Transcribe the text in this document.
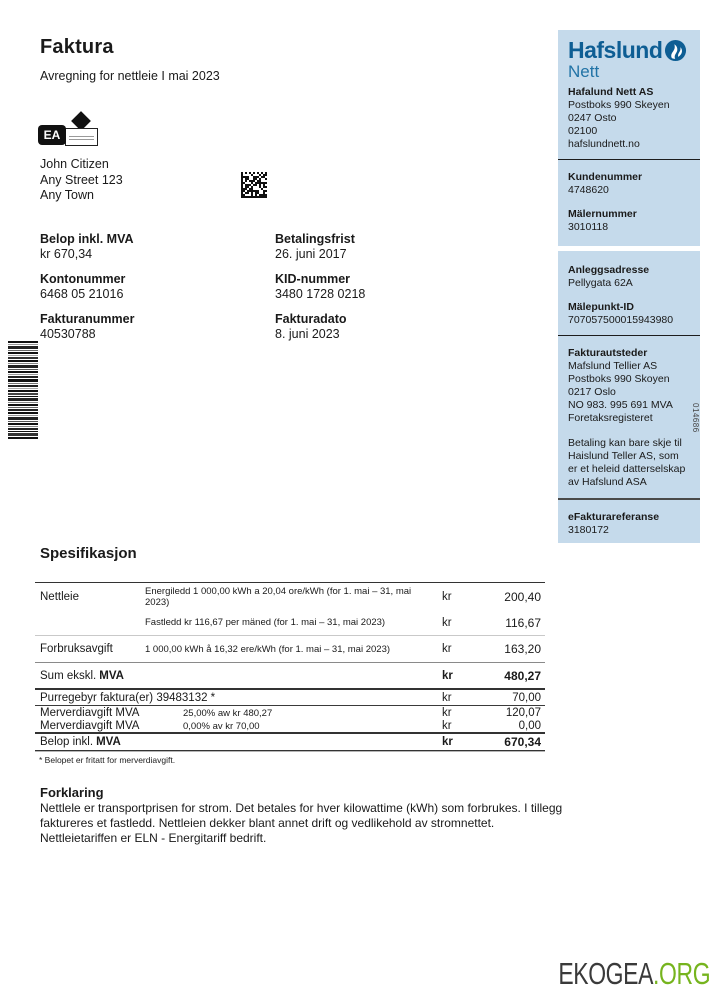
Faktura
Avregning for nettleie I mai 2023
EA
John Citizen
Any Street 123
Any Town
Belop inkl. MVA
kr 670,34
Betalingsfrist
26. juni 2017
Kontonummer
6468 05 21016
KID-nummer
3480 1728 0218
Fakturanummer
40530788
Fakturadato
8. juni 2023
Hafslund
Nett
Hafalund Nett AS
Postboks 990 Skeyen
0247 Osto
02100
hafslundnett.no
Kundenummer
4748620
Mälernummer
3010118
Anleggsadresse
Pellygata 62A
Mälepunkt-ID
707057500015943980
Fakturautsteder
Mafslund Tellier AS
Postboks 990 Skoyen
0217 Oslo
NO 983. 995 691 MVA
Foretaksregisteret
Betaling kan bare skje til
Haislund Teller AS, som
er et heleid datterselskap
av Hafslund ASA
eFakturareferanse
3180172
014686
Spesifikasjon
Nettleie	Energiledd 1 000,00 kWh a 20,04 ore/kWh (for 1. mai – 31, mai 2023)	kr	200,40
Fastledd kr 116,67 per mäned (for 1. mai – 31, mai 2023)	kr	116,67
Forbruksavgift	1 000,00 kWh å 16,32 ere/kWh (for 1. mai – 31, mai 2023)	kr	163,20
Sum ekskl. MVA	kr	480,27
Purregebyr faktura(er) 39483132 *	kr	70,00
Merverdiavgift MVA	25,00% aw kr 480,27	kr	120,07
Merverdiavgift MVA	0,00% av kr 70,00	kr	0,00
Belop inkl. MVA	kr	670,34
* Belopet er fritatt for merverdiavgift.
Forklaring
Nettlele er transportprisen for strom. Det betales for hver kilowattime (kWh) som forbrukes. I tillegg
faktureres et fastledd. Nettleien dekker blant annet drift og vedlikehold av stromnettet.
Nettleietariffen er ELN - Energitariff bedrift.
EKOGEA.ORG
